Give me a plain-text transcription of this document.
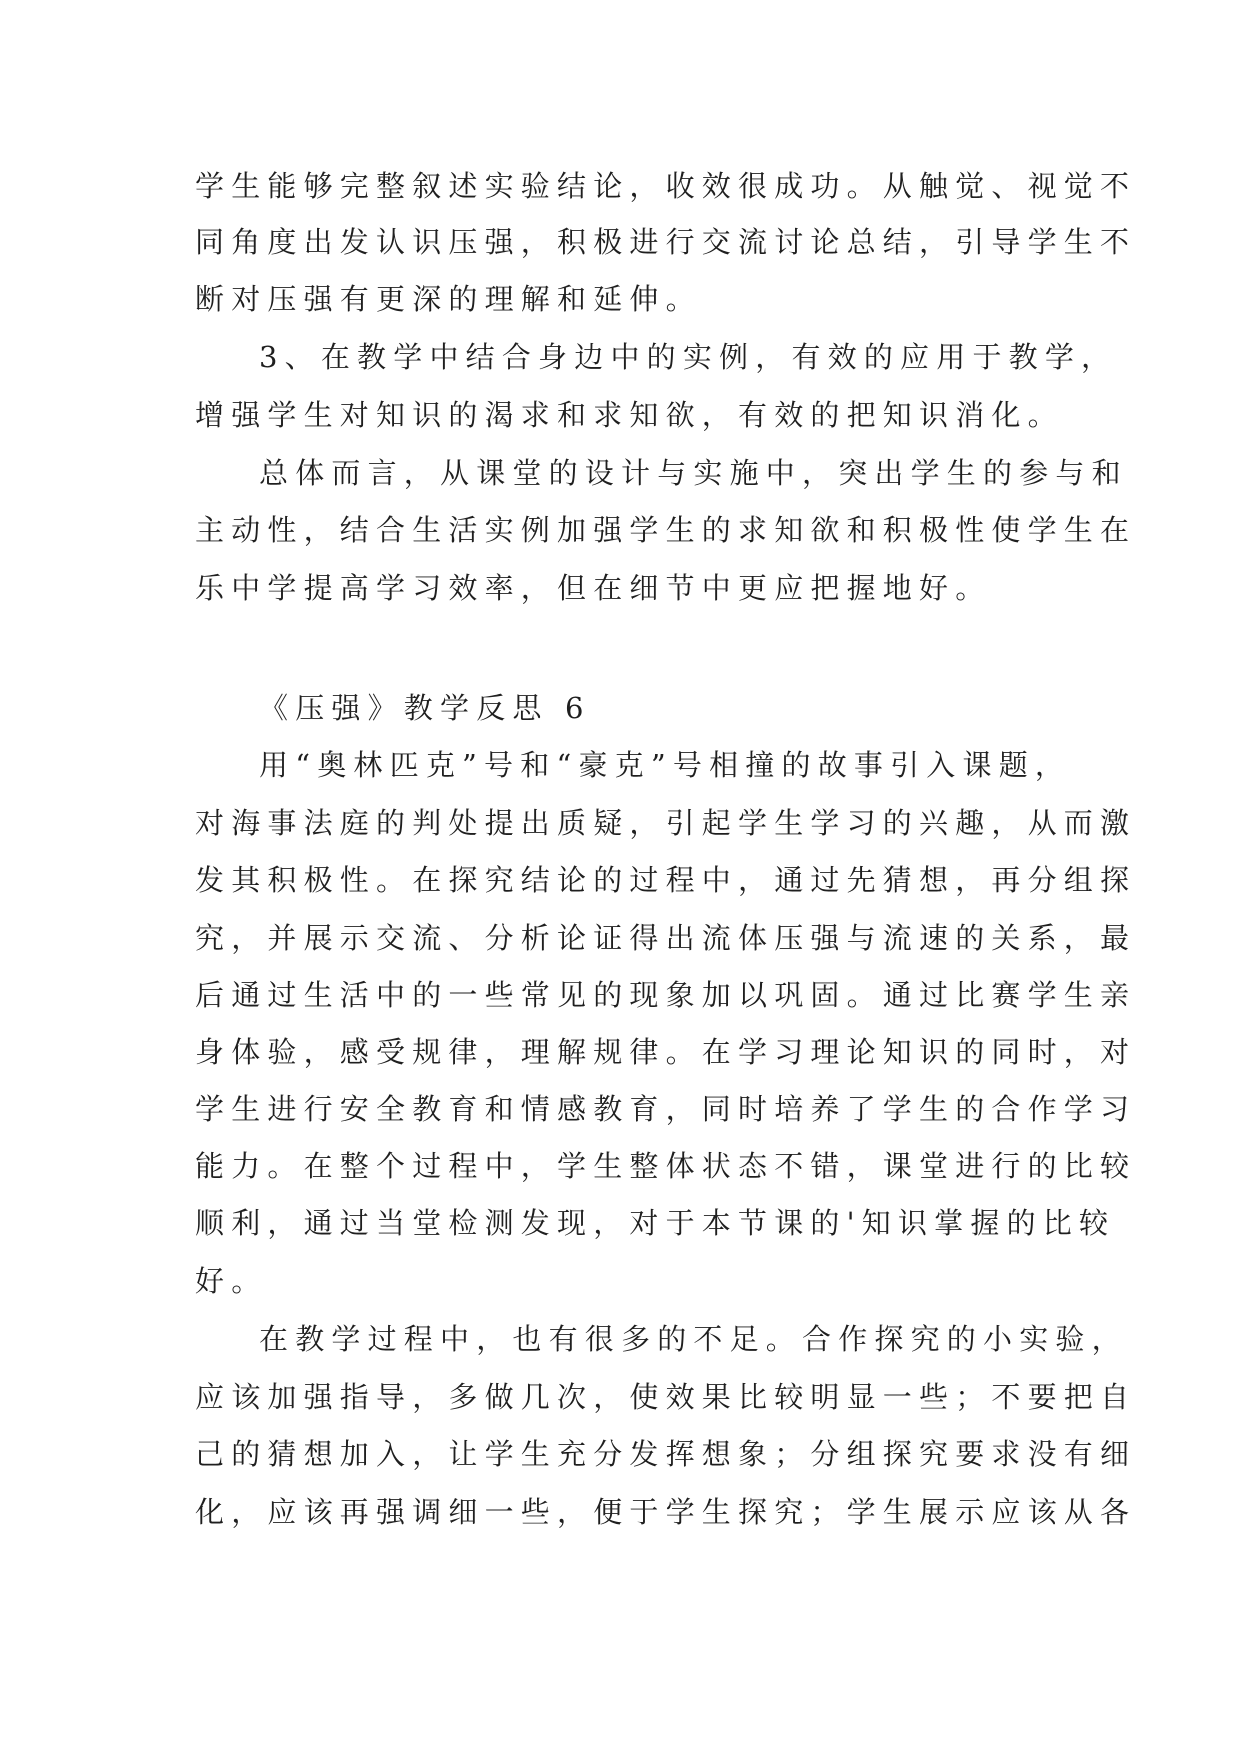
学生能够完整叙述实验结论，收效很成功。从触觉、视觉不
同角度出发认识压强，积极进行交流讨论总结，引导学生不
断对压强有更深的理解和延伸。
3、在教学中结合身边中的实例，有效的应用于教学，
增强学生对知识的渴求和求知欲，有效的把知识消化。
总体而言，从课堂的设计与实施中，突出学生的参与和
主动性，结合生活实例加强学生的求知欲和积极性使学生在
乐中学提高学习效率，但在细节中更应把握地好。
《压强》教学反思 6
用“奥林匹克”号和“豪克”号相撞的故事引入课题，
对海事法庭的判处提出质疑，引起学生学习的兴趣，从而激
发其积极性。在探究结论的过程中，通过先猜想，再分组探
究，并展示交流、分析论证得出流体压强与流速的关系，最
后通过生活中的一些常见的现象加以巩固。通过比赛学生亲
身体验，感受规律，理解规律。在学习理论知识的同时，对
学生进行安全教育和情感教育，同时培养了学生的合作学习
能力。在整个过程中，学生整体状态不错，课堂进行的比较
顺利，通过当堂检测发现，对于本节课的'知识掌握的比较
好。
在教学过程中，也有很多的不足。合作探究的小实验，
应该加强指导，多做几次，使效果比较明显一些；不要把自
己的猜想加入，让学生充分发挥想象；分组探究要求没有细
化，应该再强调细一些，便于学生探究；学生展示应该从各
